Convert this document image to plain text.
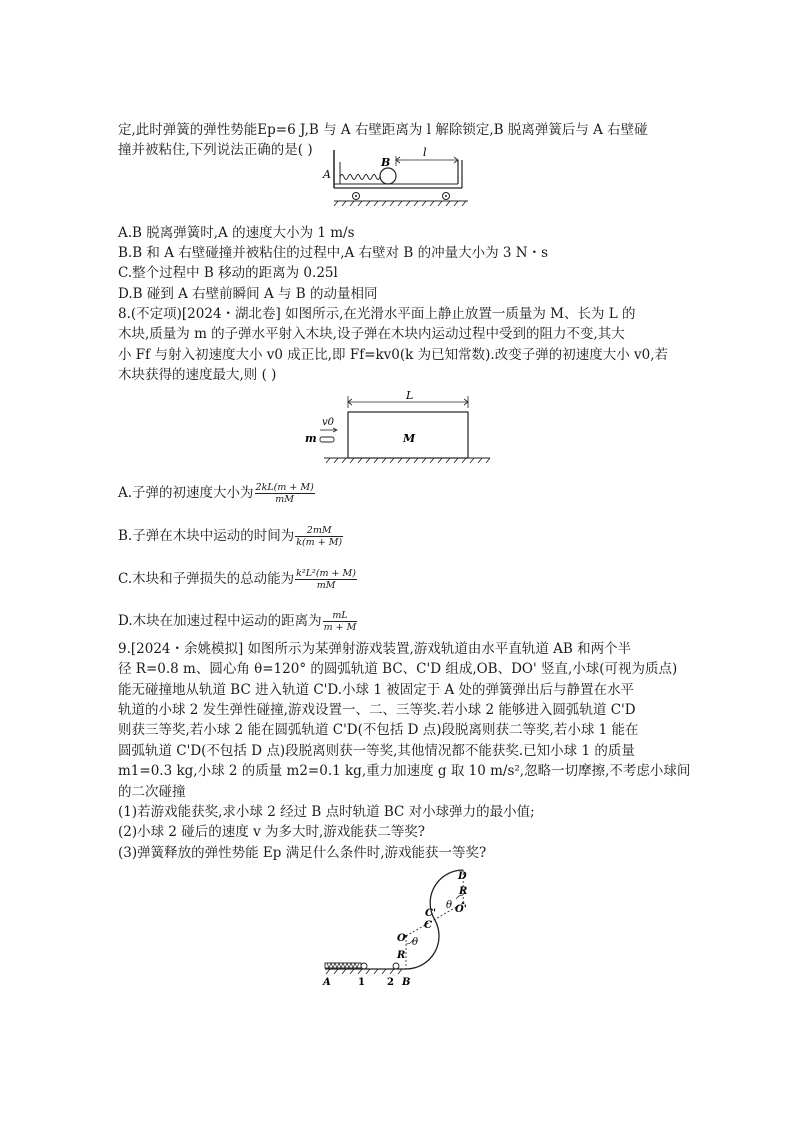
定,此时弹簧的弹性势能Ep=6 J,B 与 A 右壁距离为 l 解除锁定,B 脱离弹簧后与 A 右壁碰
撞并被粘住,下列说法正确的是( )
A
B
l
A.B 脱离弹簧时,A 的速度大小为 1 m/s
B.B 和 A 右壁碰撞并被粘住的过程中,A 右壁对 B 的冲量大小为 3 N・s
C.整个过程中 B 移动的距离为 0.25l
D.B 碰到 A 右壁前瞬间 A 与 B 的动量相同
8.(不定项)[2024・湖北卷] 如图所示,在光滑水平面上静止放置一质量为 M、长为 L 的
木块,质量为 m 的子弹水平射入木块,设子弹在木块内运动过程中受到的阻力不变,其大
小 Ff 与射入初速度大小 v0 成正比,即 Ff=kv0(k 为已知常数).改变子弹的初速度大小 v0,若
木块获得的速度最大,则 ( )
L
v0
m	M
A.子弹的初速度大小为 $\frac{2kL(m + M)}{mM}$
B.子弹在木块中运动的时间为 $\frac{2mM}{k(m + M)}$
C.木块和子弹损失的总动能为 $\frac{\text{k²L²(m + M)}}{mM}$
D.木块在加速过程中运动的距离为 $\frac{mL}{m + M}$
9.[2024・余姚模拟] 如图所示为某弹射游戏装置,游戏轨道由水平直轨道 AB 和两个半
径 R=0.8 m、圆心角 θ=120° 的圆弧轨道 BC、C'D 组成,OB、DO' 竖直,小球(可视为质点)
能无碰撞地从轨道 BC 进入轨道 C'D.小球 1 被固定于 A 处的弹簧弹出后与静置在水平
轨道的小球 2 发生弹性碰撞,游戏设置一、二、三等奖.若小球 2 能够进入圆弧轨道 C'D
则获三等奖,若小球 2 能在圆弧轨道 C'D(不包括 D 点)段脱离则获二等奖,若小球 1 能在
圆弧轨道 C'D(不包括 D 点)段脱离则获一等奖,其他情况都不能获奖.已知小球 1 的质量
m1=0.3 kg,小球 2 的质量 m2=0.1 kg,重力加速度 g 取 10 m/s²,忽略一切摩擦,不考虑小球间
的二次碰撞
(1)若游戏能获奖,求小球 2 经过 B 点时轨道 BC 对小球弹力的最小值;
(2)小球 2 碰后的速度 v 为多大时,游戏能获二等奖?
(3)弹簧释放的弹性势能 Ep 满足什么条件时,游戏能获一等奖?
D
R
θ O'
C'
C
O θ
R
A	1 2 B
